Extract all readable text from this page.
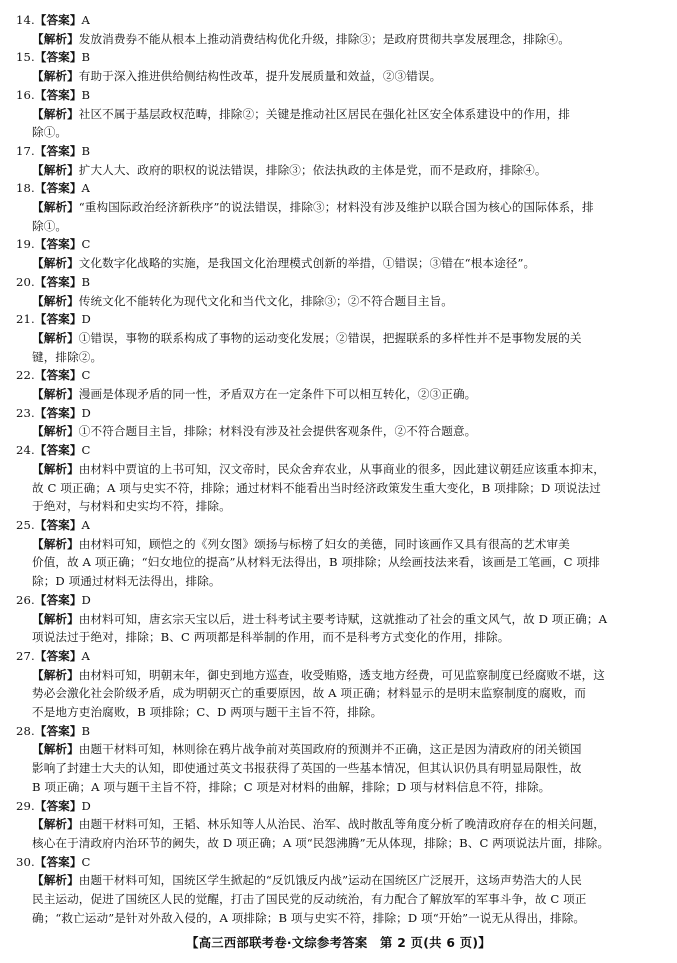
14.【答案】A
【解析】发放消费券不能从根本上推动消费结构优化升级，排除③；是政府贯彻共享发展理念，排除④。
15.【答案】B
【解析】有助于深入推进供给侧结构性改革，提升发展质量和效益，②③错误。
16.【答案】B
【解析】社区不属于基层政权范畴，排除②；关键是推动社区居民在强化社区安全体系建设中的作用，排
除①。
17.【答案】B
【解析】扩大人大、政府的职权的说法错误，排除③；依法执政的主体是党，而不是政府，排除④。
18.【答案】A
【解析】“重构国际政治经济新秩序”的说法错误，排除③；材料没有涉及维护以联合国为核心的国际体系，排
除①。
19.【答案】C
【解析】文化数字化战略的实施，是我国文化治理模式创新的举措，①错误；③错在“根本途径”。
20.【答案】B
【解析】传统文化不能转化为现代文化和当代文化，排除③；②不符合题目主旨。
21.【答案】D
【解析】①错误，事物的联系构成了事物的运动变化发展；②错误，把握联系的多样性并不是事物发展的关
键，排除②。
22.【答案】C
【解析】漫画是体现矛盾的同一性，矛盾双方在一定条件下可以相互转化，②③正确。
23.【答案】D
【解析】①不符合题目主旨，排除；材料没有涉及社会提供客观条件，②不符合题意。
24.【答案】C
【解析】由材料中贾谊的上书可知，汉文帝时，民众舍弃农业，从事商业的很多，因此建议朝廷应该重本抑末，
故 C 项正确；A 项与史实不符，排除；通过材料不能看出当时经济政策发生重大变化，B 项排除；D 项说法过
于绝对，与材料和史实均不符，排除。
25.【答案】A
【解析】由材料可知，顾恺之的《列女图》颂扬与标榜了妇女的美德，同时该画作又具有很高的艺术审美
价值，故 A 项正确；“妇女地位的提高”从材料无法得出，B 项排除；从绘画技法来看，该画是工笔画，C 项排
除；D 项通过材料无法得出，排除。
26.【答案】D
【解析】由材料可知，唐玄宗天宝以后，进士科考试主要考诗赋，这就推动了社会的重文风气，故 D 项正确；A
项说法过于绝对，排除；B、C 两项都是科举制的作用，而不是科考方式变化的作用，排除。
27.【答案】A
【解析】由材料可知，明朝末年，御史到地方巡查，收受贿赂，透支地方经费，可见监察制度已经腐败不堪，这
势必会激化社会阶级矛盾，成为明朝灭亡的重要原因，故 A 项正确；材料显示的是明末监察制度的腐败，而
不是地方吏治腐败，B 项排除；C、D 两项与题干主旨不符，排除。
28.【答案】B
【解析】由题干材料可知，林则徐在鸦片战争前对英国政府的预测并不正确，这正是因为清政府的闭关锁国
影响了封建士大夫的认知，即使通过英文书报获得了英国的一些基本情况，但其认识仍具有明显局限性，故
B 项正确；A 项与题干主旨不符，排除；C 项是对材料的曲解，排除；D 项与材料信息不符，排除。
29.【答案】D
【解析】由题干材料可知，王韬、林乐知等人从治民、治军、战时散乱等角度分析了晚清政府存在的相关问题，
核心在于清政府内治环节的阙失，故 D 项正确；A 项“民怨沸腾”无从体现，排除；B、C 两项说法片面，排除。
30.【答案】C
【解析】由题干材料可知，国统区学生掀起的“反饥饿反内战”运动在国统区广泛展开，这场声势浩大的人民
民主运动，促进了国统区人民的觉醒，打击了国民党的反动统治，有力配合了解放军的军事斗争，故 C 项正
确；“救亡运动”是针对外敌入侵的，A 项排除；B 项与史实不符，排除；D 项“开始”一说无从得出，排除。
【高三西部联考卷·文综参考答案　第 2 页(共 6 页)】
